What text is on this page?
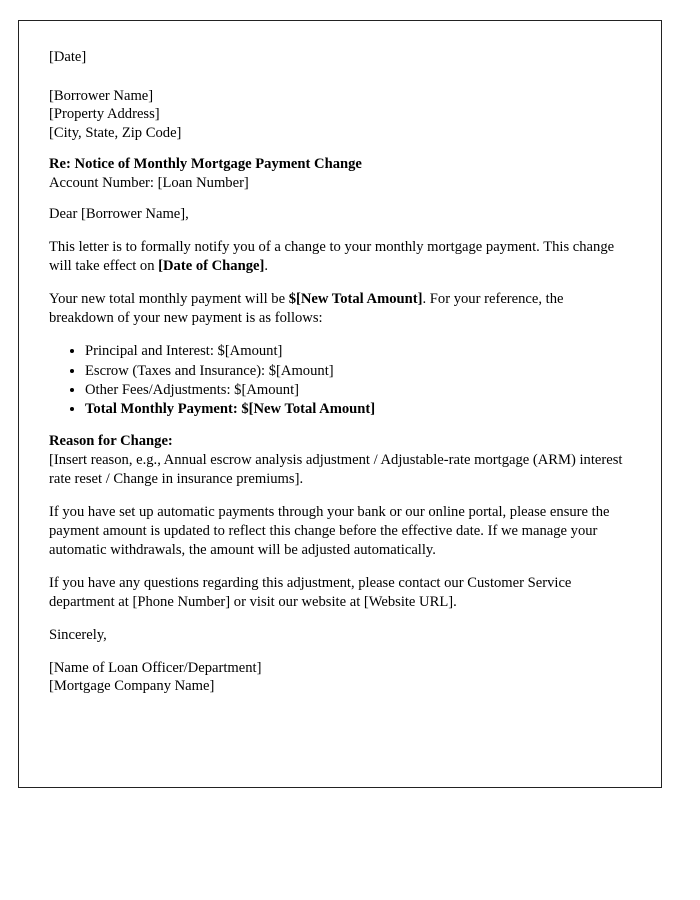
[Date]

[Borrower Name]

[Property Address]

[City, State, Zip Code]

Re: Notice of Monthly Mortgage Payment Change

Account Number: [Loan Number]

Dear [Borrower Name],

This letter is to formally notify you of a change to your monthly mortgage payment. This change will take effect on [Date of Change].

Your new total monthly payment will be $[New Total Amount]. For your reference, the breakdown of your new payment is as follows:

• Principal and Interest: $[Amount]
• Escrow (Taxes and Insurance): $[Amount]
• Other Fees/Adjustments: $[Amount]
• Total Monthly Payment: $[New Total Amount]

Reason for Change:

[Insert reason, e.g., Annual escrow analysis adjustment / Adjustable-rate mortgage (ARM) interest rate reset / Change in insurance premiums].

If you have set up automatic payments through your bank or our online portal, please ensure the payment amount is updated to reflect this change before the effective date. If we manage your automatic withdrawals, the amount will be adjusted automatically.

If you have any questions regarding this adjustment, please contact our Customer Service department at [Phone Number] or visit our website at [Website URL].

Sincerely,

[Name of Loan Officer/Department]

[Mortgage Company Name]
